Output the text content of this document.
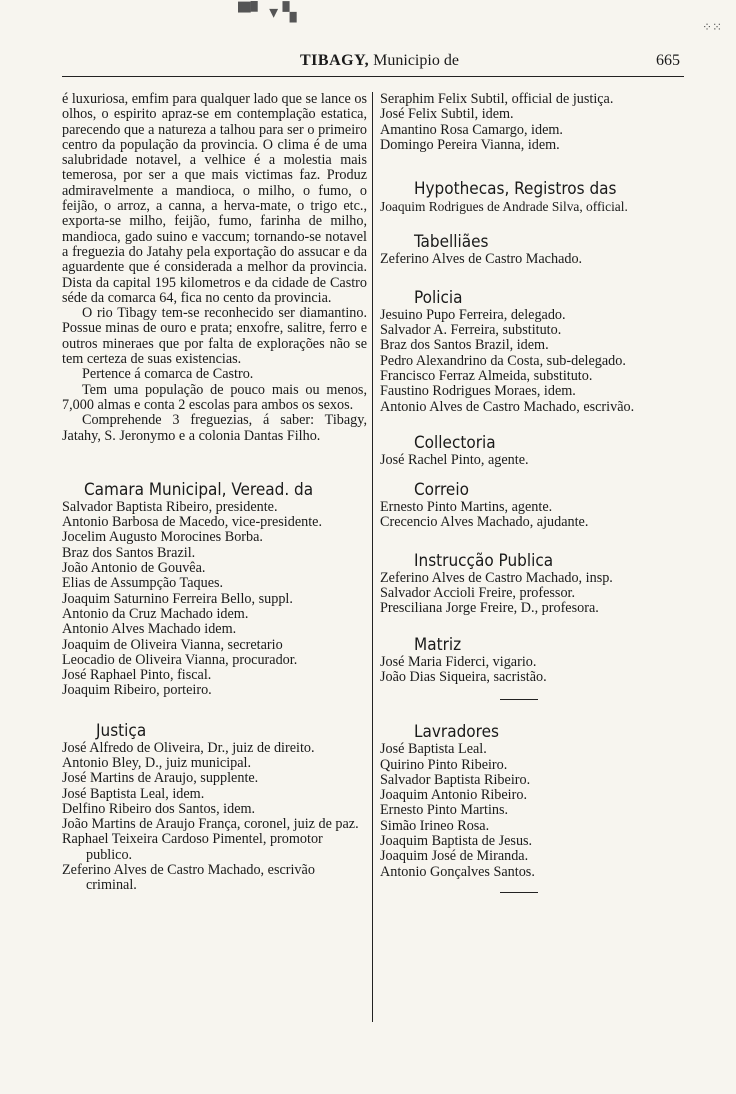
▀▘ ▾ ▚
⁘⁙
TIBAGY, Municipio de	665

é luxuriosa, emfim para qualquer lado que se lance os olhos, o espirito apraz-se em contemplação estatica, parecendo que a natureza a talhou para ser o primeiro centro da população da provincia. O clima é de uma salubridade notavel, a velhice é a molestia mais temerosa, por ser a que mais victimas faz. Produz admiravelmente a mandioca, o milho, o fumo, o feijão, o arroz, a canna, a herva-mate, o trigo etc., exporta-se milho, feijão, fumo, farinha de milho, mandioca, gado suino e vaccum; tornando-se notavel a freguezia do Jatahy pela exportação do assucar e da aguardente que é considerada a melhor da provincia. Dista da capital 195 kilometros e da cidade de Castro séde da comarca 64, fica no cento da provincia.

O rio Tibagy tem-se reconhecido ser diamantino. Possue minas de ouro e prata; enxofre, salitre, ferro e outros mineraes que por falta de explorações não se tem certeza de suas existencias.

Pertence á comarca de Castro.

Tem uma população de pouco mais ou menos, 7,000 almas e conta 2 escolas para ambos os sexos.

Comprehende 3 freguezias, á saber: Tibagy, Jatahy, S. Jeronymo e a colonia Dantas Filho.

Camara Municipal, Veread. da

Salvador Baptista Ribeiro, presidente.

Antonio Barbosa de Macedo, vice-presidente.

Jocelim Augusto Morocines Borba.

Braz dos Santos Brazil.

João Antonio de Gouvêa.

Elias de Assumpção Taques.

Joaquim Saturnino Ferreira Bello, suppl.

Antonio da Cruz Machado idem.

Antonio Alves Machado idem.

Joaquim de Oliveira Vianna, secretario

Leocadio de Oliveira Vianna, procurador.

José Raphael Pinto, fiscal.

Joaquim Ribeiro, porteiro.

Justiça

José Alfredo de Oliveira, Dr., juiz de direito.

Antonio Bley, D., juiz municipal.

José Martins de Araujo, supplente.

José Baptista Leal, idem.

Delfino Ribeiro dos Santos, idem.

João Martins de Araujo França, coronel, juiz de paz.

Raphael Teixeira Cardoso Pimentel, promotor publico.

Zeferino Alves de Castro Machado, escrivão criminal.

Seraphim Felix Subtil, official de justiça.

José Felix Subtil, idem.

Amantino Rosa Camargo, idem.

Domingo Pereira Vianna, idem.

Hypothecas, Registros das

Joaquim Rodrigues de Andrade Silva, official.

Tabelliães

Zeferino Alves de Castro Machado.

Policia

Jesuino Pupo Ferreira, delegado.

Salvador A. Ferreira, substituto.

Braz dos Santos Brazil, idem.

Pedro Alexandrino da Costa, sub-delegado.

Francisco Ferraz Almeida, substituto.

Faustino Rodrigues Moraes, idem.

Antonio Alves de Castro Machado, escrivão.

Collectoria

José Rachel Pinto, agente.

Correio

Ernesto Pinto Martins, agente.

Crecencio Alves Machado, ajudante.

Instrucção Publica

Zeferino Alves de Castro Machado, insp.

Salvador Accioli Freire, professor.

Presciliana Jorge Freire, D., profesora.

Matriz

José Maria Fiderci, vigario.

João Dias Siqueira, sacristão.

Lavradores

José Baptista Leal.

Quirino Pinto Ribeiro.

Salvador Baptista Ribeiro.

Joaquim Antonio Ribeiro.

Ernesto Pinto Martins.

Simão Irineo Rosa.

Joaquim Baptista de Jesus.

Joaquim José de Miranda.

Antonio Gonçalves Santos.
